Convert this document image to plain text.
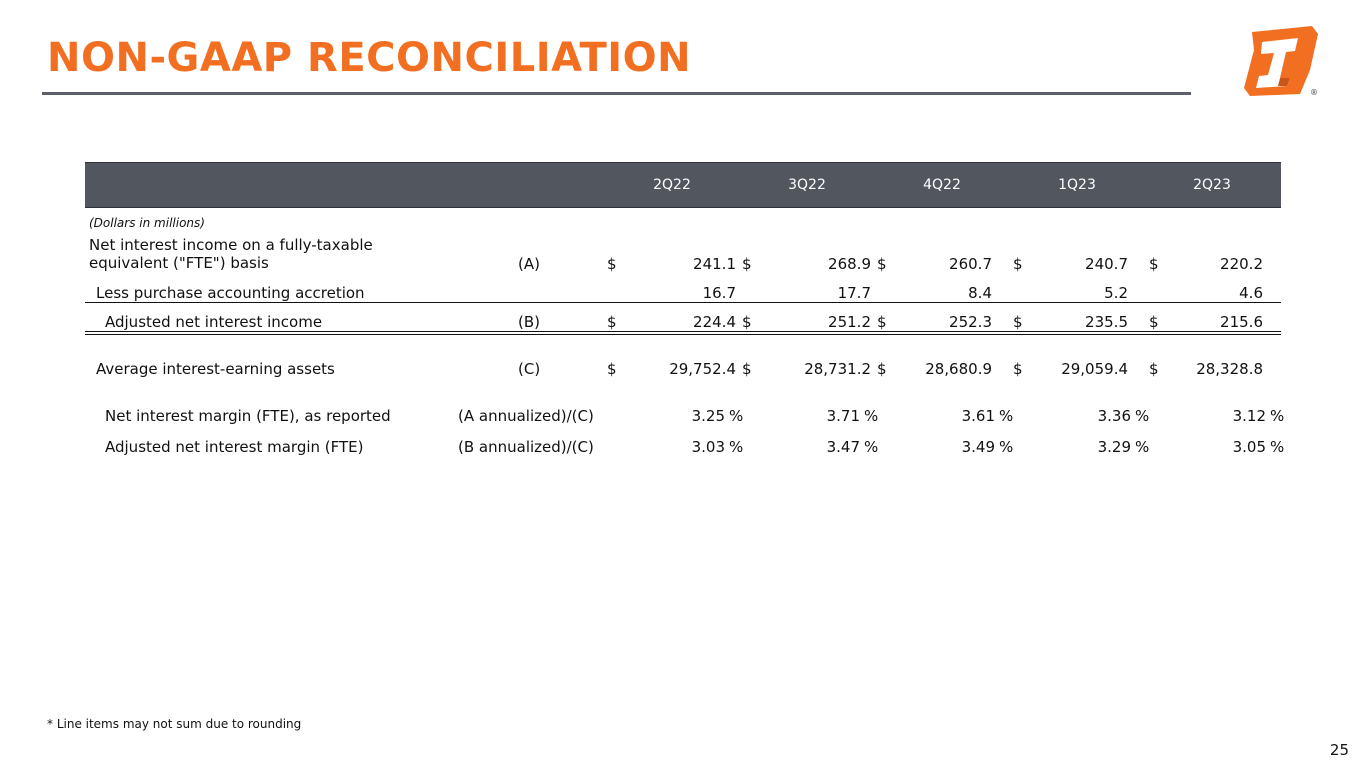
NON-GAAP RECONCILIATION
®
2Q22	3Q22	4Q22	1Q23	2Q23
(Dollars in millions)
Net interest income on a fully-taxable
equivalent ("FTE") basis	(A)	$	241.1 $	268.9 $	260.7 $	240.7 $	220.2
Less purchase accounting accretion	16.7	17.7	8.4	5.2	4.6
Adjusted net interest income	(B)	$	224.4 $	251.2 $	252.3 $	235.5 $	215.6
Average interest-earning assets	(C)	$	29,752.4 $	28,731.2 $	28,680.9 $	29,059.4 $	28,328.8
Net interest margin (FTE), as reported	(A annualized)/(C)	3.25 %	3.71 %	3.61 %	3.36 %	3.12 %
Adjusted net interest margin (FTE)	(B annualized)/(C)	3.03 %	3.47 %	3.49 %	3.29 %	3.05 %
* Line items may not sum due to rounding
25
